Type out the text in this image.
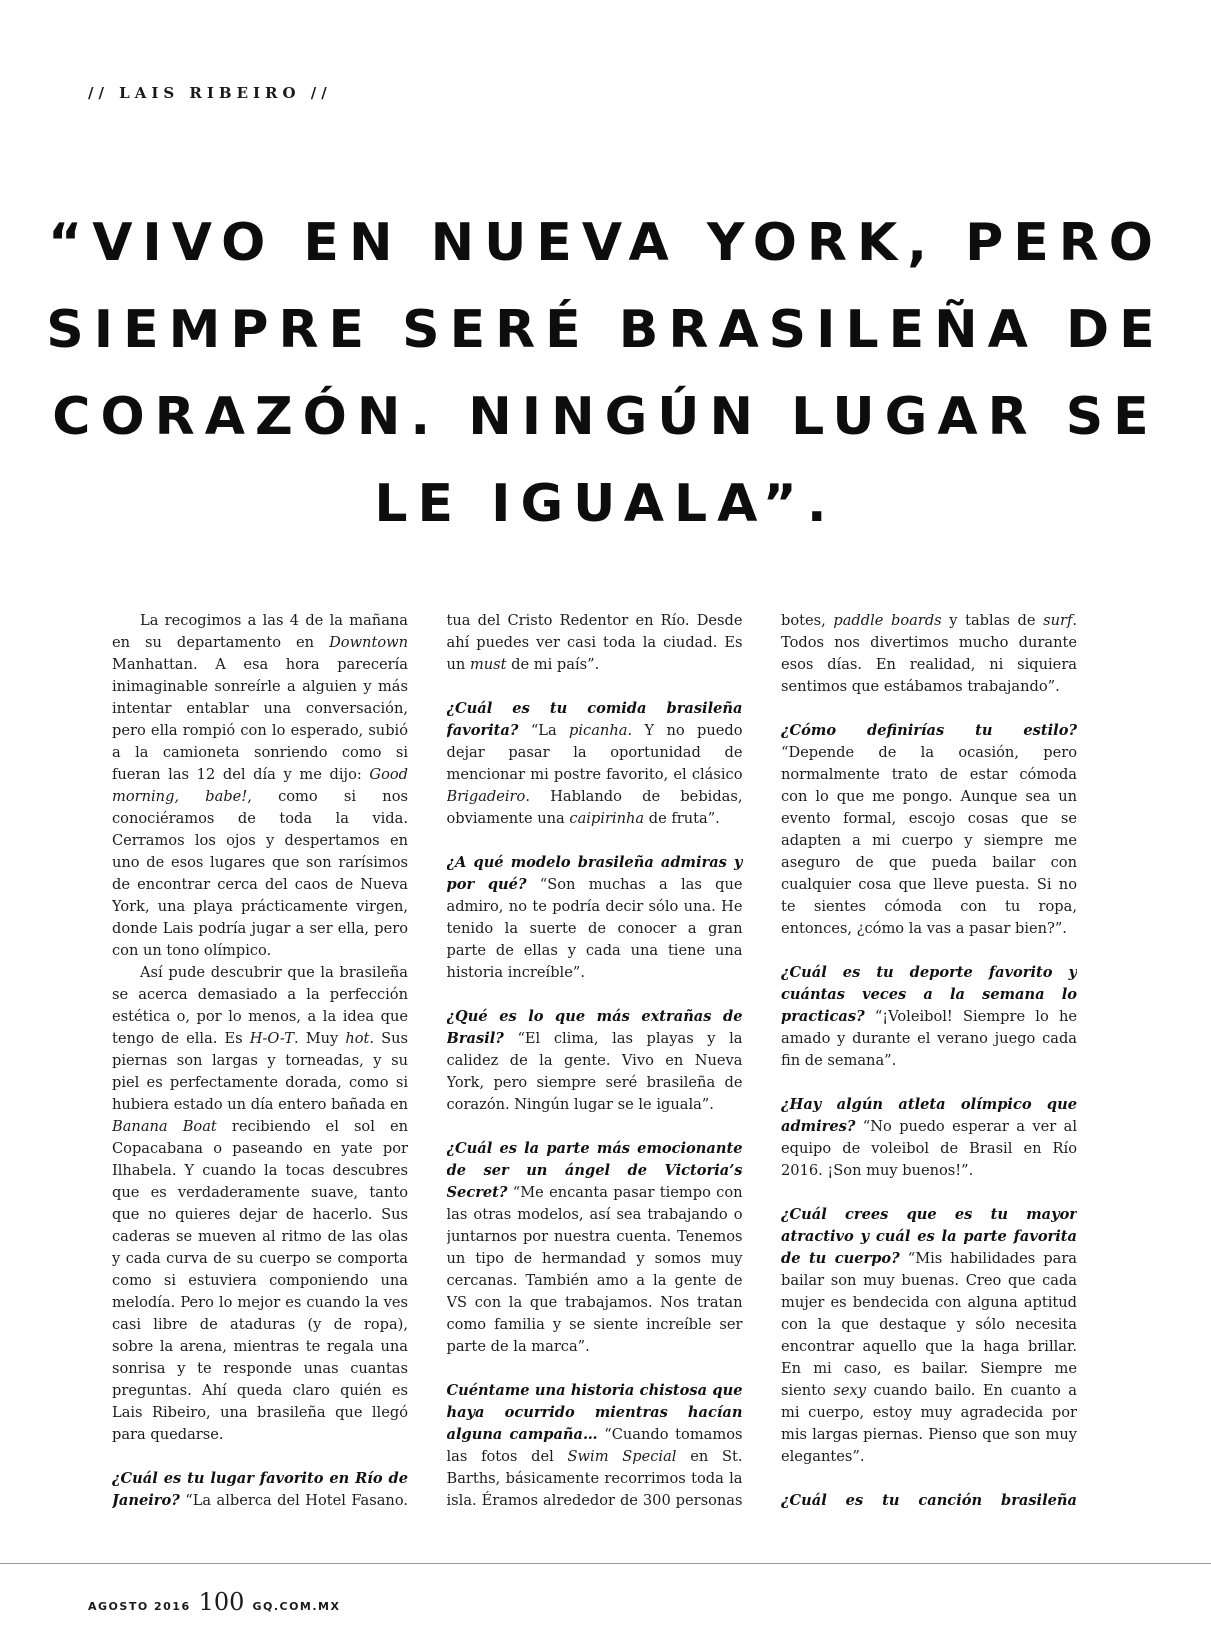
// LAIS RIBEIRO //
“VIVO EN NUEVA YORK, PERO SIEMPRE SERÉ BRASILEÑA DE CORAZÓN. NINGÚN LUGAR SE LE IGUALA”.

La recogimos a las 4 de la mañana en su departamento en Downtown Manhattan. A esa hora parecería inimaginable sonreírle a alguien y más intentar entablar una conversación, pero ella rompió con lo esperado, subió a la camioneta sonriendo como si fueran las 12 del día y me dijo: Good morning, babe!, como si nos conociéramos de toda la vida. Cerramos los ojos y despertamos en uno de esos lugares que son rarísimos de encontrar cerca del caos de Nueva York, una playa prácticamente virgen, donde Lais podría jugar a ser ella, pero con un tono olímpico.

Así pude descubrir que la brasileña se acerca demasiado a la perfección estética o, por lo menos, a la idea que tengo de ella. Es H-O-T. Muy hot. Sus piernas son largas y torneadas, y su piel es perfectamente dorada, como si hubiera estado un día entero bañada en Banana Boat recibiendo el sol en Copacabana o paseando en yate por Ilhabela. Y cuando la tocas descubres que es verdaderamente suave, tanto que no quieres dejar de hacerlo. Sus caderas se mueven al ritmo de las olas y cada curva de su cuerpo se comporta como si estuviera componiendo una melodía. Pero lo mejor es cuando la ves casi libre de ataduras (y de ropa), sobre la arena, mientras te regala una sonrisa y te responde unas cuantas preguntas. Ahí queda claro quién es Lais Ribeiro, una brasileña que llegó para quedarse.

¿Cuál es tu lugar favorito en Río de Janeiro? “La alberca del Hotel Fasano.

tua del Cristo Redentor en Río. Desde ahí puedes ver casi toda la ciudad. Es un must de mi país”.

¿Cuál es tu comida brasileña favorita? “La picanha. Y no puedo dejar pasar la oportunidad de mencionar mi postre favorito, el clásico Brigadeiro. Hablando de bebidas, obviamente una caipirinha de fruta”.

¿A qué modelo brasileña admiras y por qué? “Son muchas a las que admiro, no te podría decir sólo una. He tenido la suerte de conocer a gran parte de ellas y cada una tiene una historia increíble”.

¿Qué es lo que más extrañas de Brasil? “El clima, las playas y la calidez de la gente. Vivo en Nueva York, pero siempre seré brasileña de corazón. Ningún lugar se le iguala”.

¿Cuál es la parte más emocionante de ser un ángel de Victoria’s Secret? “Me encanta pasar tiempo con las otras modelos, así sea trabajando o juntarnos por nuestra cuenta. Tenemos un tipo de hermandad y somos muy cercanas. También amo a la gente de VS con la que trabajamos. Nos tratan como familia y se siente increíble ser parte de la marca”.

Cuéntame una historia chistosa que haya ocurrido mientras hacían alguna campaña… “Cuando tomamos las fotos del Swim Special en St. Barths, básicamente recorrimos toda la isla. Éramos alrededor de 300 personas

botes, paddle boards y tablas de surf. Todos nos divertimos mucho durante esos días. En realidad, ni siquiera sentimos que estábamos trabajando”.

¿Cómo definirías tu estilo? “Depende de la ocasión, pero normalmente trato de estar cómoda con lo que me pongo. Aunque sea un evento formal, escojo cosas que se adapten a mi cuerpo y siempre me aseguro de que pueda bailar con cualquier cosa que lleve puesta. Si no te sientes cómoda con tu ropa, entonces, ¿cómo la vas a pasar bien?”.

¿Cuál es tu deporte favorito y cuántas veces a la semana lo practicas? “¡Voleibol! Siempre lo he amado y durante el verano juego cada fin de semana”.

¿Hay algún atleta olímpico que admires? “No puedo esperar a ver al equipo de voleibol de Brasil en Río 2016. ¡Son muy buenos!”.

¿Cuál crees que es tu mayor atractivo y cuál es la parte favorita de tu cuerpo? “Mis habilidades para bailar son muy buenas. Creo que cada mujer es bendecida con alguna aptitud con la que destaque y sólo necesita encontrar aquello que la haga brillar. En mi caso, es bailar. Siempre me siento sexy cuando bailo. En cuanto a mi cuerpo, estoy muy agradecida por mis largas piernas. Pienso que son muy elegantes”.

¿Cuál es tu canción brasileña

AGOSTO 2016 100 GQ.COM.MX
